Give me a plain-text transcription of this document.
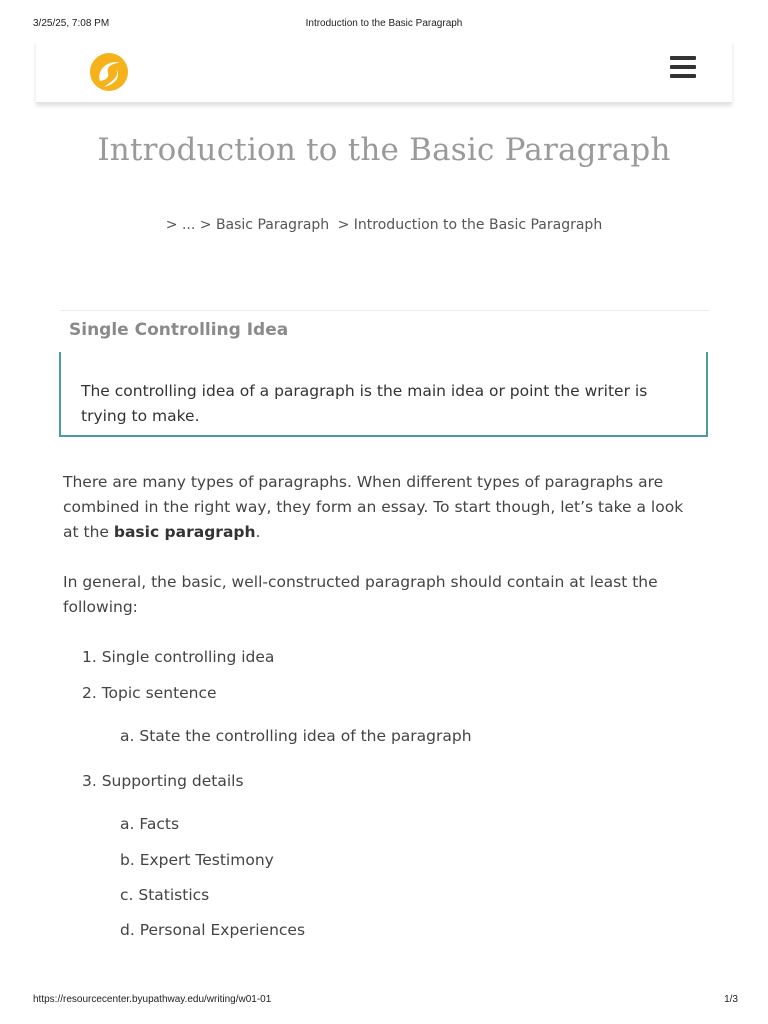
3/25/25, 7:08 PM	Introduction to the Basic Paragraph
Introduction to the Basic Paragraph
> ... > Basic Paragraph > Introduction to the Basic Paragraph
Single Controlling Idea

The controlling idea of a paragraph is the main idea or point the writer is trying to make.

There are many types of paragraphs. When different types of paragraphs are combined in the right way, they form an essay. To start though, let’s take a look at the basic paragraph.

In general, the basic, well-constructed paragraph should contain at least the following:

1. Single controlling idea
2. Topic sentence
a. State the controlling idea of the paragraph
3. Supporting details
a. Facts
b. Expert Testimony
c. Statistics
d. Personal Experiences
https://resourcecenter.byupathway.edu/writing/w01-01	1/3
